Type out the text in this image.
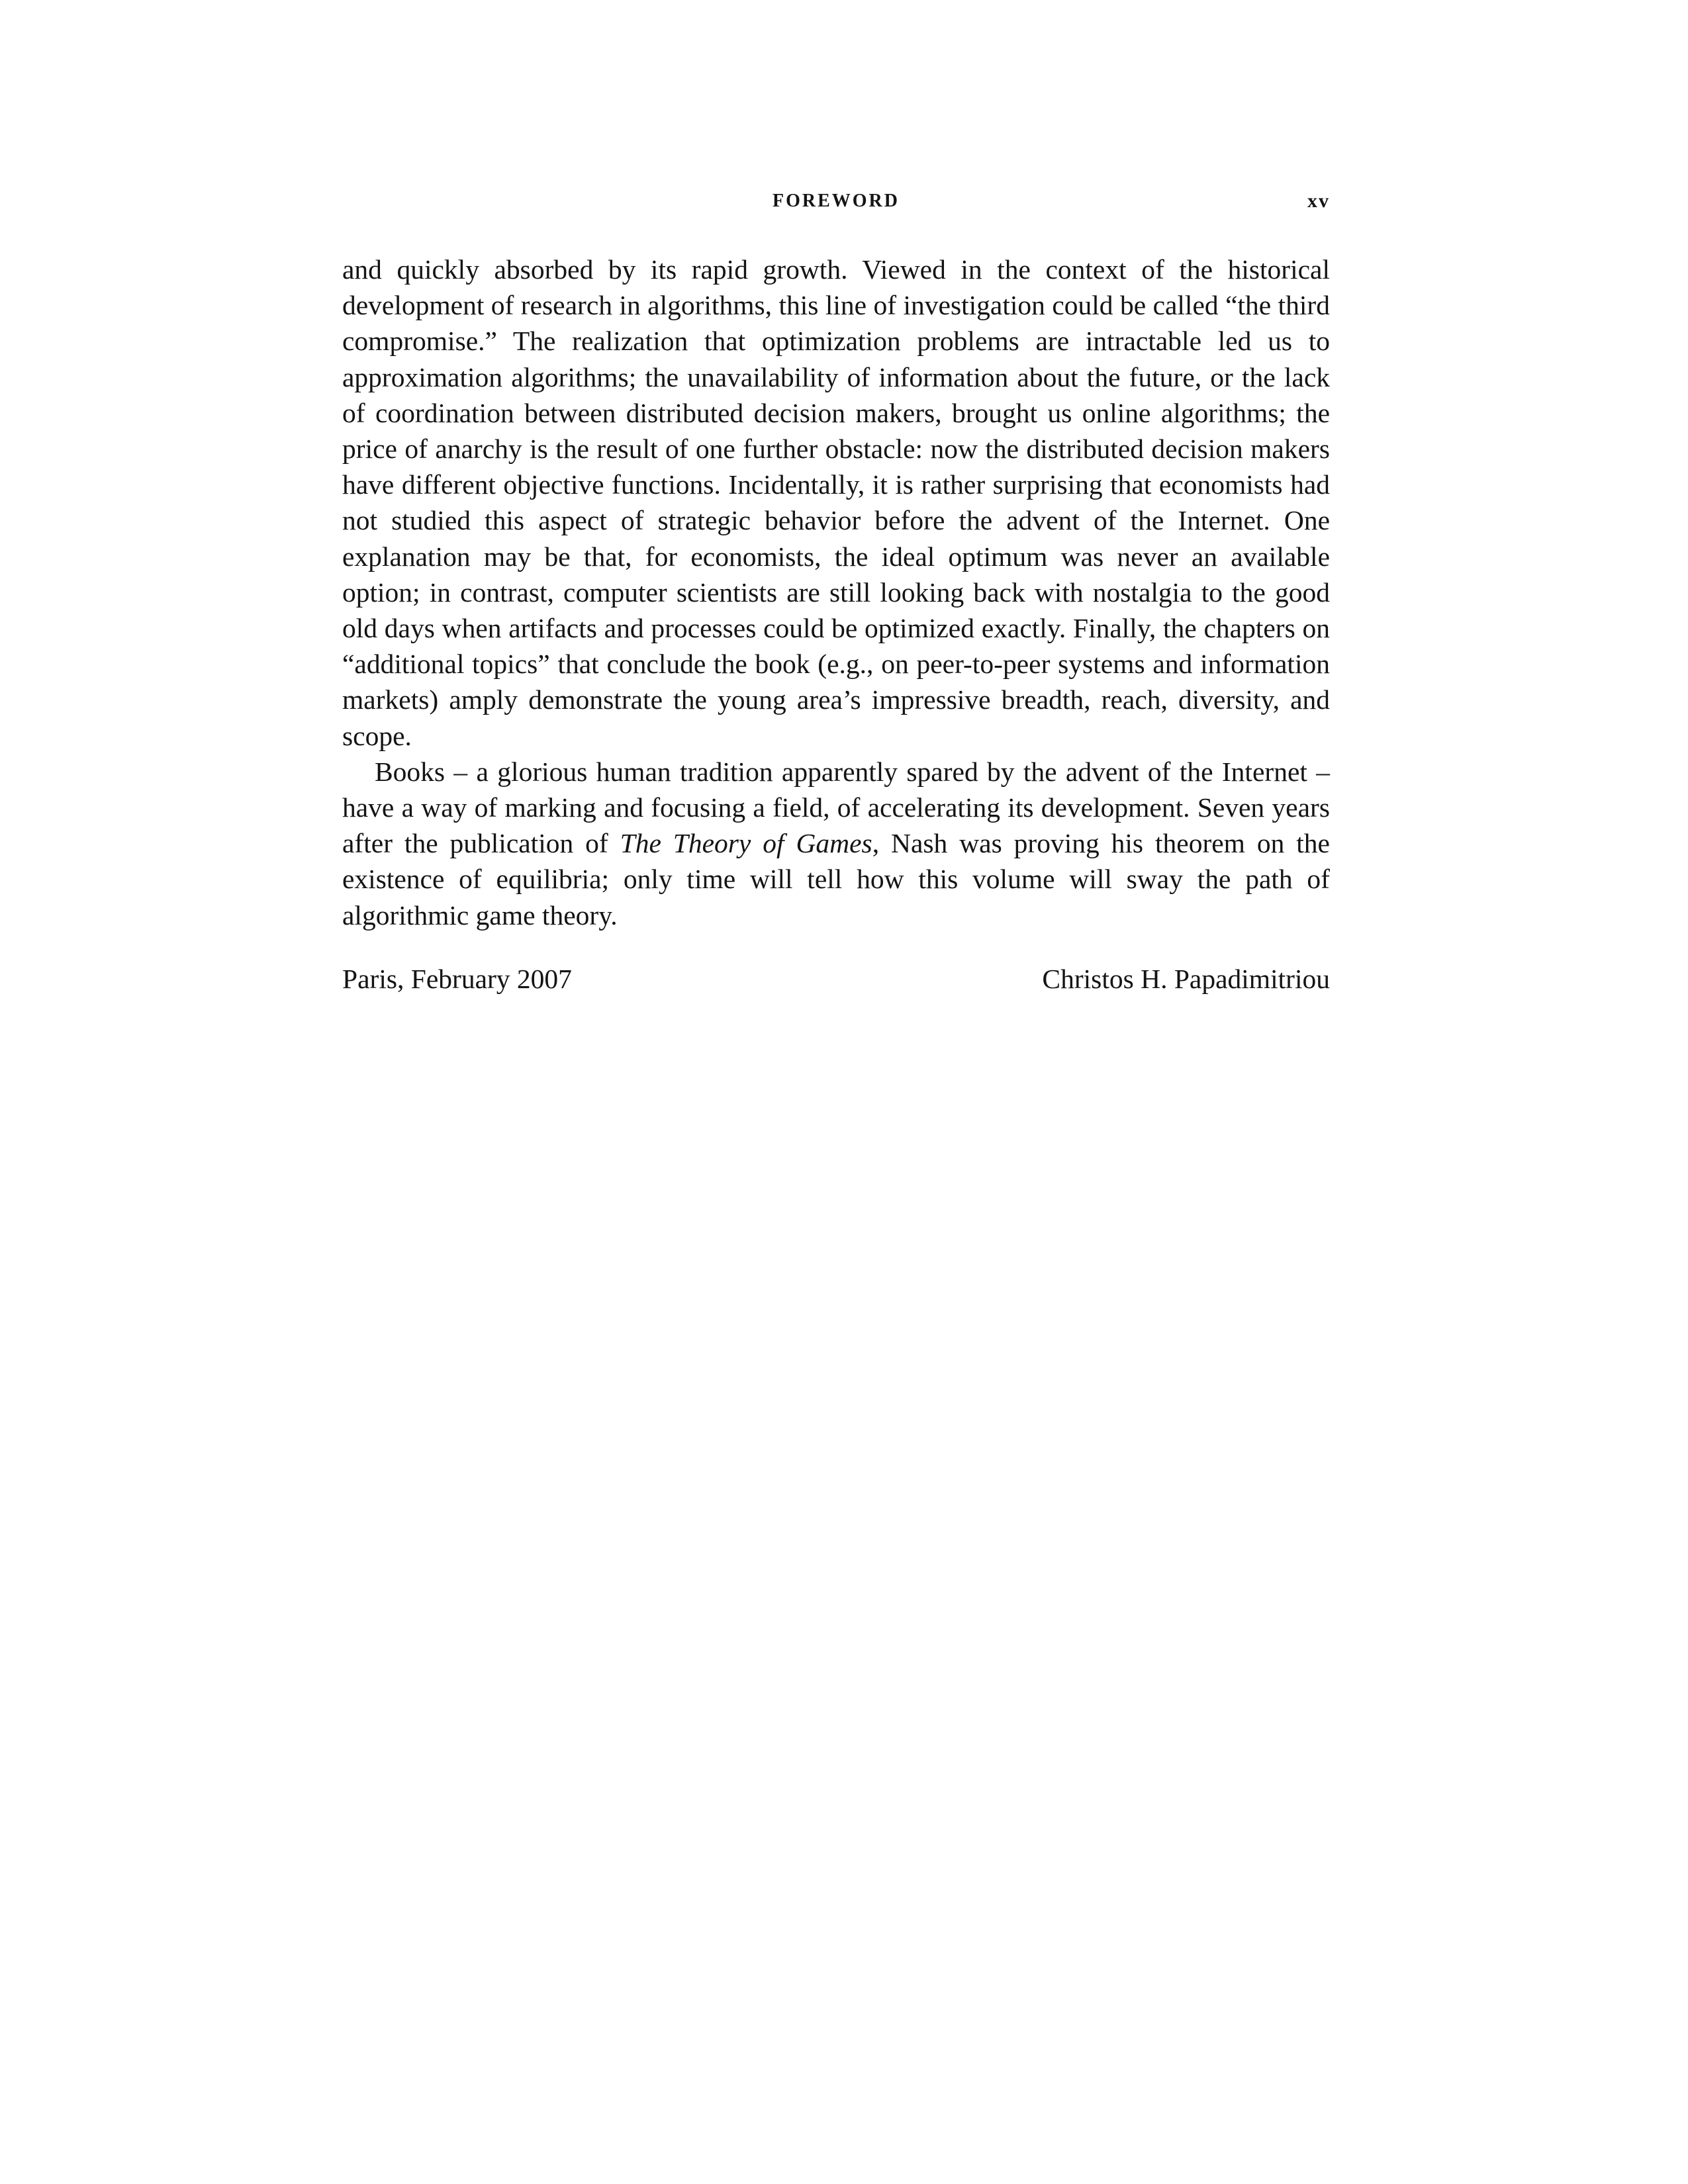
FOREWORD	xv

and quickly absorbed by its rapid growth. Viewed in the context of the historical development of research in algorithms, this line of investigation could be called “the third compromise.” The realization that optimization problems are intractable led us to approximation algorithms; the unavailability of information about the future, or the lack of coordination between distributed decision makers, brought us online algorithms; the price of anarchy is the result of one further obstacle: now the distributed decision makers have different objective functions. Incidentally, it is rather surprising that economists had not studied this aspect of strategic behavior before the advent of the Internet. One explanation may be that, for economists, the ideal optimum was never an available option; in contrast, computer scientists are still looking back with nostalgia to the good old days when artifacts and processes could be optimized exactly. Finally, the chapters on “additional topics” that conclude the book (e.g., on peer-to-peer systems and information markets) amply demonstrate the young area’s impressive breadth, reach, diversity, and scope.

Books – a glorious human tradition apparently spared by the advent of the Internet – have a way of marking and focusing a field, of accelerating its development. Seven years after the publication of The Theory of Games, Nash was proving his theorem on the existence of equilibria; only time will tell how this volume will sway the path of algorithmic game theory.

Paris, February 2007	Christos H. Papadimitriou
